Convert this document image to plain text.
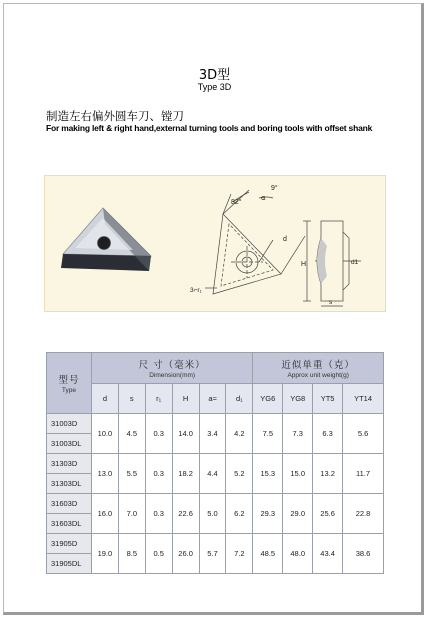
3D型
Type 3D
制造左右偏外圆车刀、镗刀
For making left & right hand,external turning tools and boring tools with offset shank
9°
82°
d
α
3⌐r₁
H	d1
s
型号
Type	尺 寸（毫米）
Dimension(mm)						近似单重（克）
Approx unit weight(g)			

	d	s	r₁	H	a≈	d₁	YG6	YG8	YT5	YT14
31003D	10.0	4.5	0.3	14.0	3.4	4.2	7.5	7.3	6.3	5.6
31003DL										
31303D	13.0	5.5	0.3	18.2	4.4	5.2	15.3	15.0	13.2	11.7
31303DL										
31603D	16.0	7.0	0.3	22.6	5.0	6.2	29.3	29.0	25.6	22.8
31603DL										
31905D	19.0	8.5	0.5	26.0	5.7	7.2	48.5	48.0	43.4	38.6
31905DL										
